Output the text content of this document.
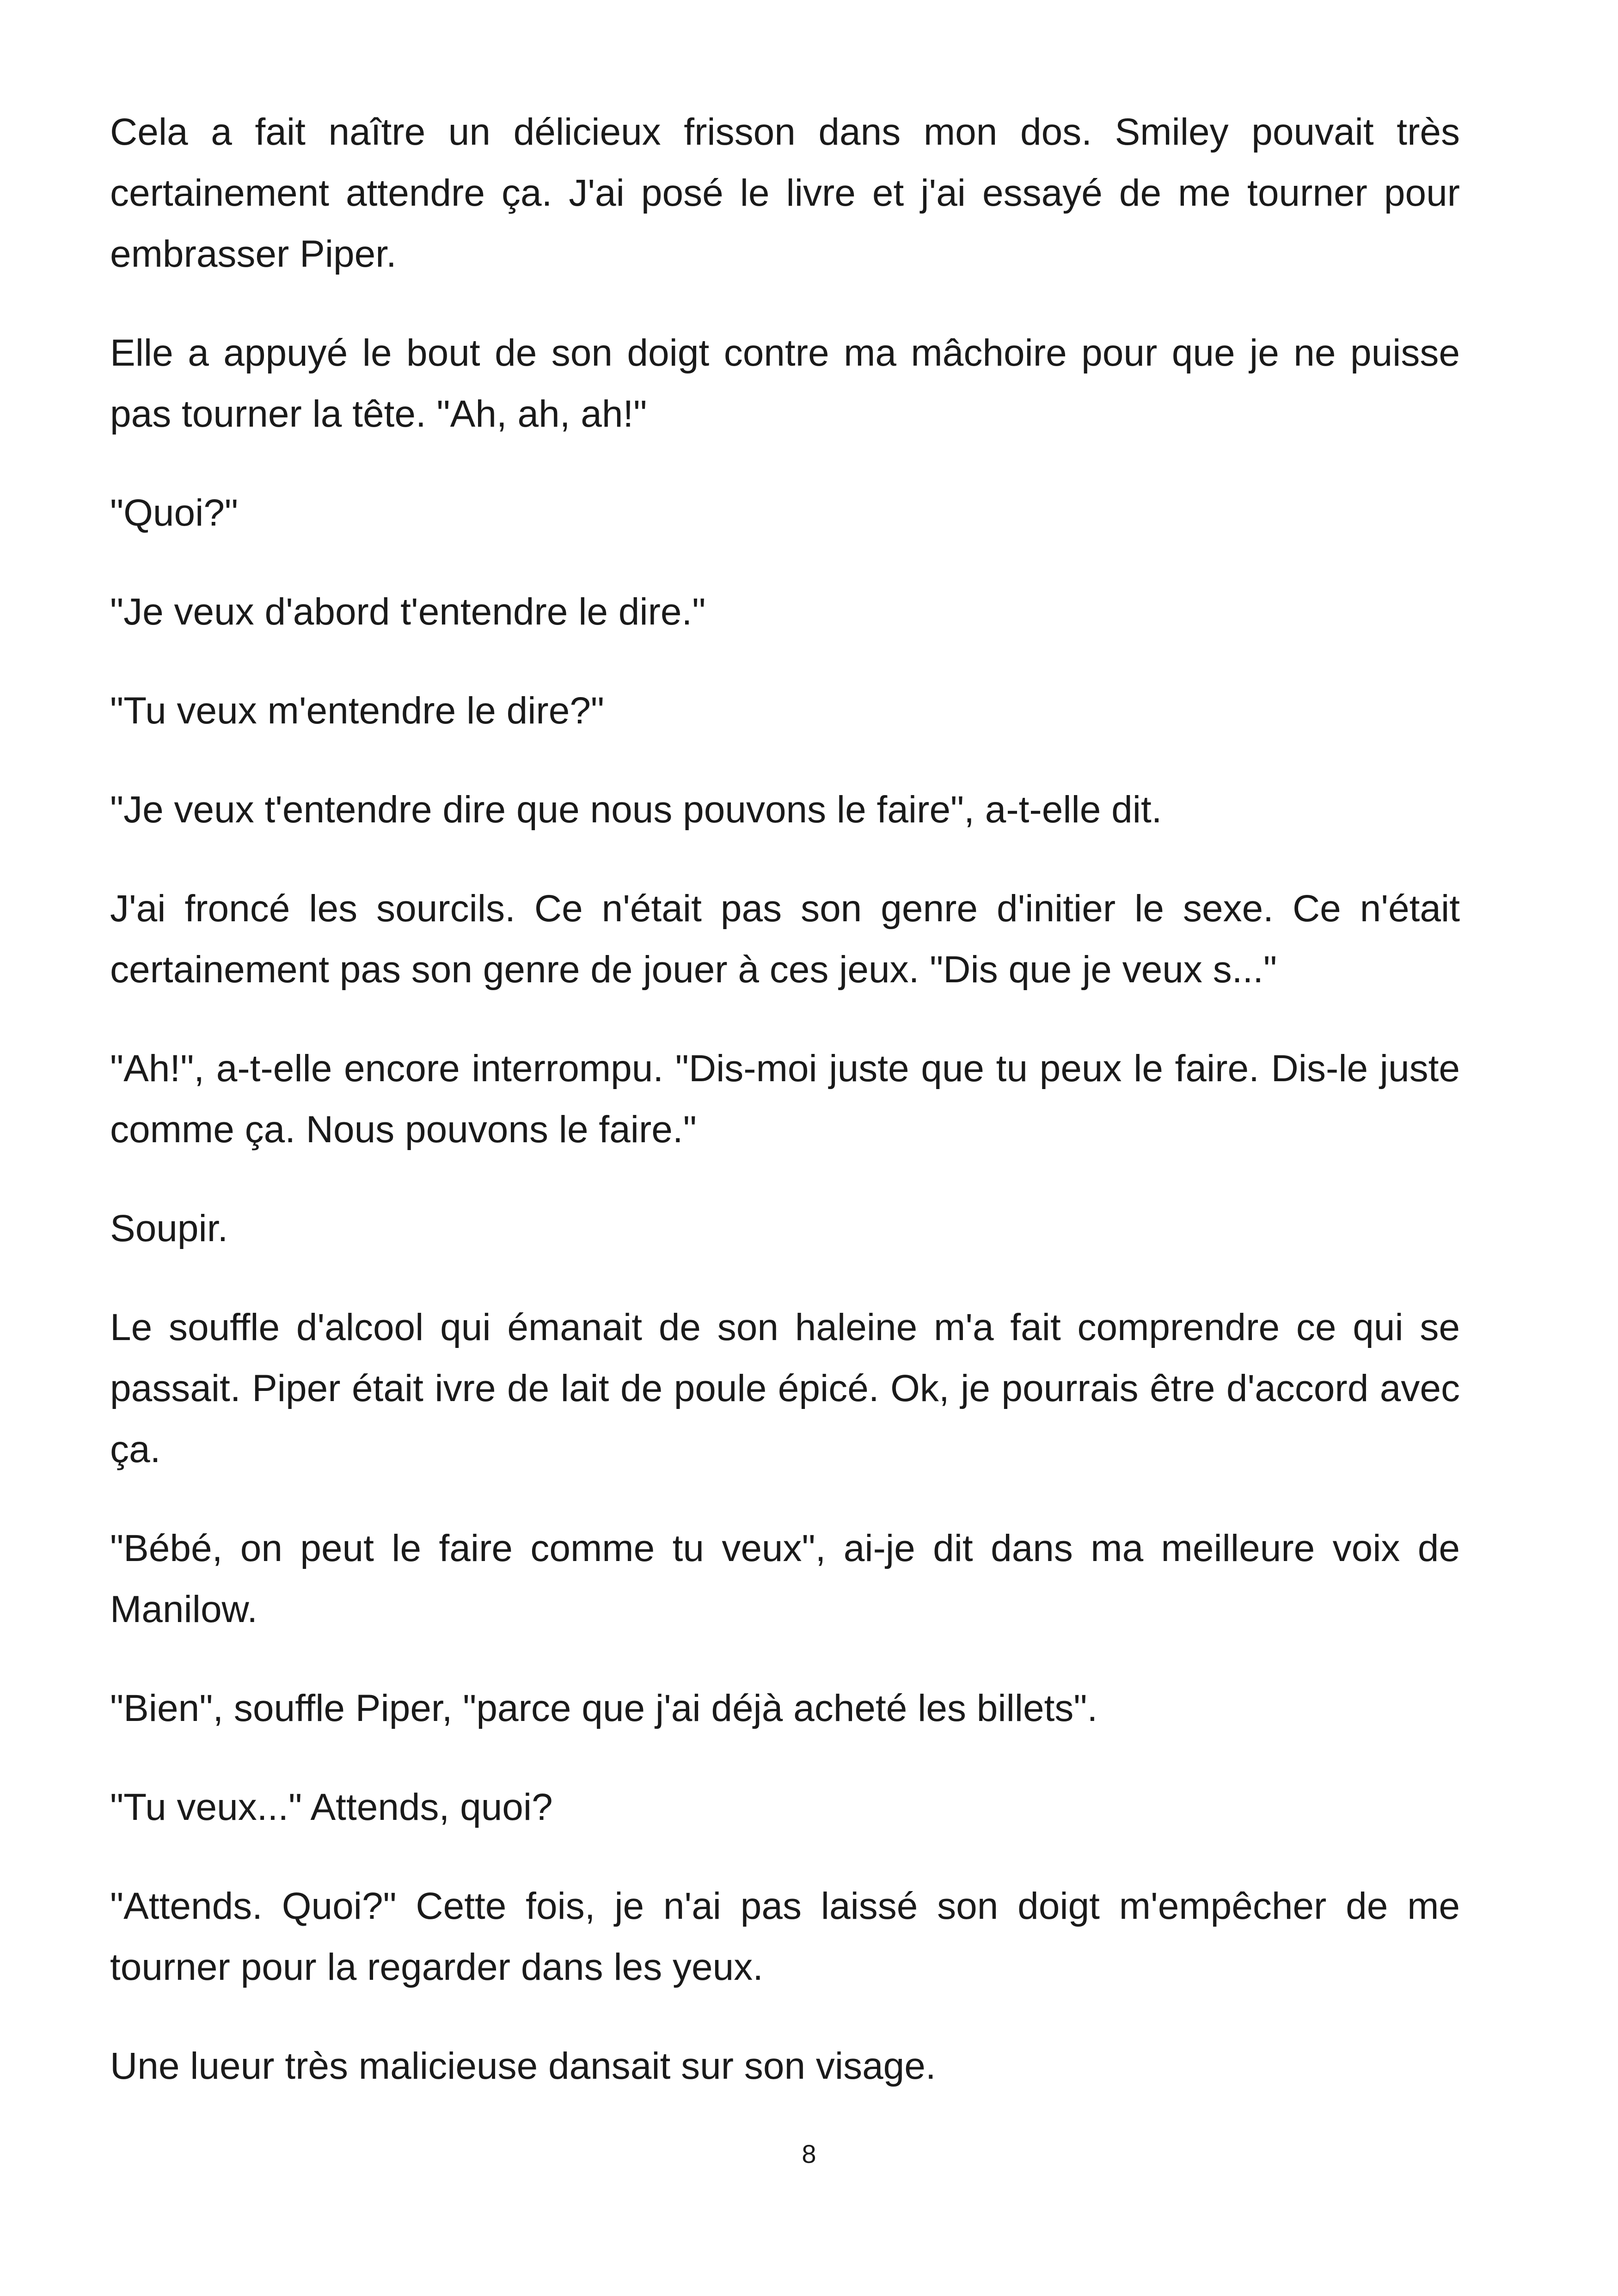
Cela a fait naître un délicieux frisson dans mon dos. Smiley pouvait très certainement attendre ça. J'ai posé le livre et j'ai essayé de me tourner pour embrasser Piper.

Elle a appuyé le bout de son doigt contre ma mâchoire pour que je ne puisse pas tourner la tête. "Ah, ah, ah!"

"Quoi?"

"Je veux d'abord t'entendre le dire."

"Tu veux m'entendre le dire?"

"Je veux t'entendre dire que nous pouvons le faire", a-t-elle dit.

J'ai froncé les sourcils. Ce n'était pas son genre d'initier le sexe. Ce n'était certainement pas son genre de jouer à ces jeux. "Dis que je veux s..."

"Ah!", a-t-elle encore interrompu. "Dis-moi juste que tu peux le faire. Dis-le juste comme ça. Nous pouvons le faire."

Soupir.

Le souffle d'alcool qui émanait de son haleine m'a fait comprendre ce qui se passait. Piper était ivre de lait de poule épicé. Ok, je pourrais être d'accord avec ça.

"Bébé, on peut le faire comme tu veux", ai-je dit dans ma meilleure voix de Manilow.

"Bien", souffle Piper, "parce que j'ai déjà acheté les billets".

"Tu veux..." Attends, quoi?

"Attends. Quoi?" Cette fois, je n'ai pas laissé son doigt m'empêcher de me tourner pour la regarder dans les yeux.

Une lueur très malicieuse dansait sur son visage.

8
